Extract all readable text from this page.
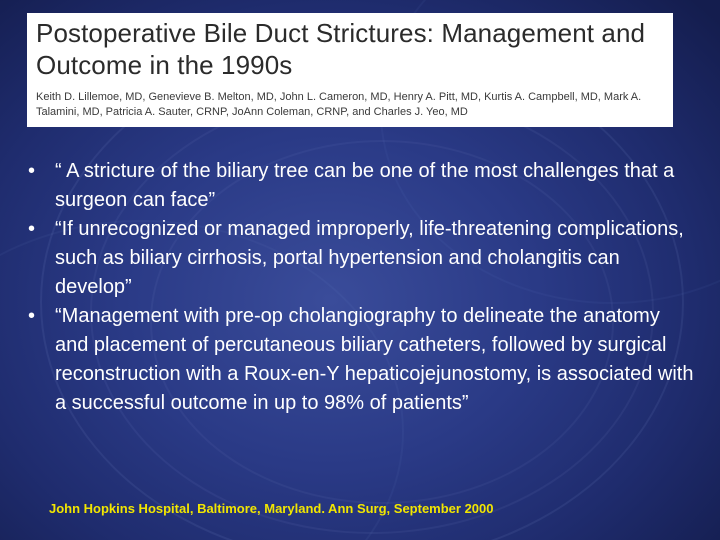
Postoperative Bile Duct Strictures: Management and Outcome in the 1990s

Keith D. Lillemoe, MD, Genevieve B. Melton, MD, John L. Cameron, MD, Henry A. Pitt, MD, Kurtis A. Campbell, MD, Mark A. Talamini, MD, Patricia A. Sauter, CRNP, JoAnn Coleman, CRNP, and Charles J. Yeo, MD

• “ A stricture of the biliary tree can be one of the most challenges that a surgeon can face”
• “If unrecognized or managed improperly, life-threatening complications, such as biliary cirrhosis, portal hypertension and cholangitis can develop”
• “Management with pre-op cholangiography to delineate the anatomy and placement of percutaneous biliary catheters, followed by surgical reconstruction with a Roux-en-Y hepaticojejunostomy, is associated with a successful outcome in up to 98% of patients”

John Hopkins Hospital, Baltimore, Maryland. Ann Surg, September 2000
